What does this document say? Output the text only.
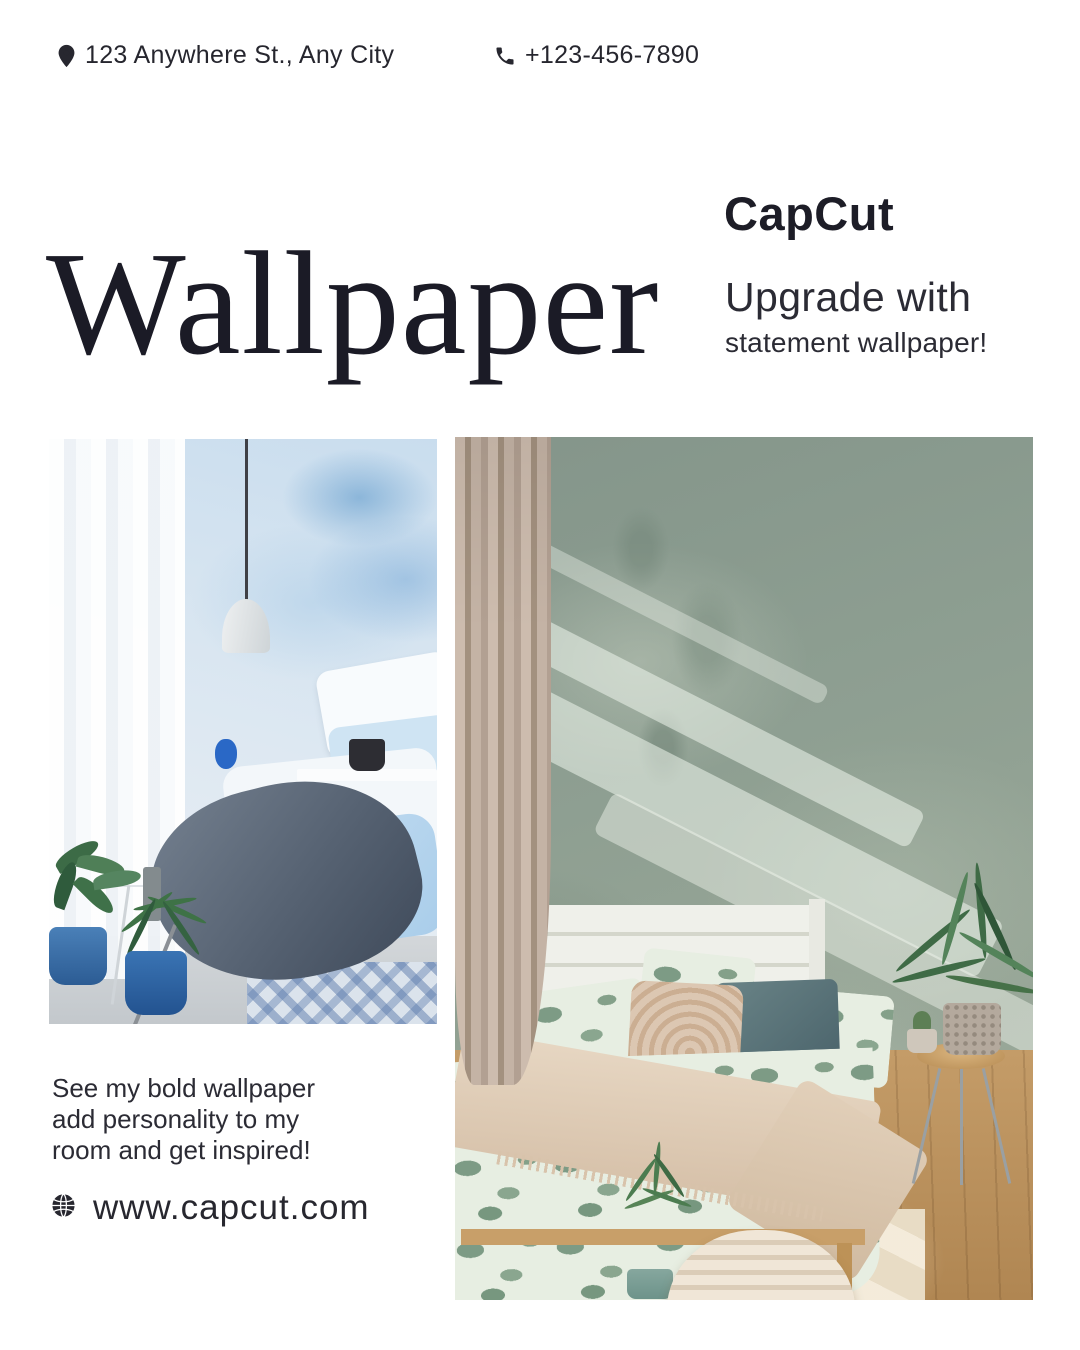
123 Anywhere St., Any City	+123-456-7890
CapCut
Wallpaper Upgrade with
statement wallpaper!
See my bold wallpaper
add personality to my
room and get inspired!
www.capcut.com
